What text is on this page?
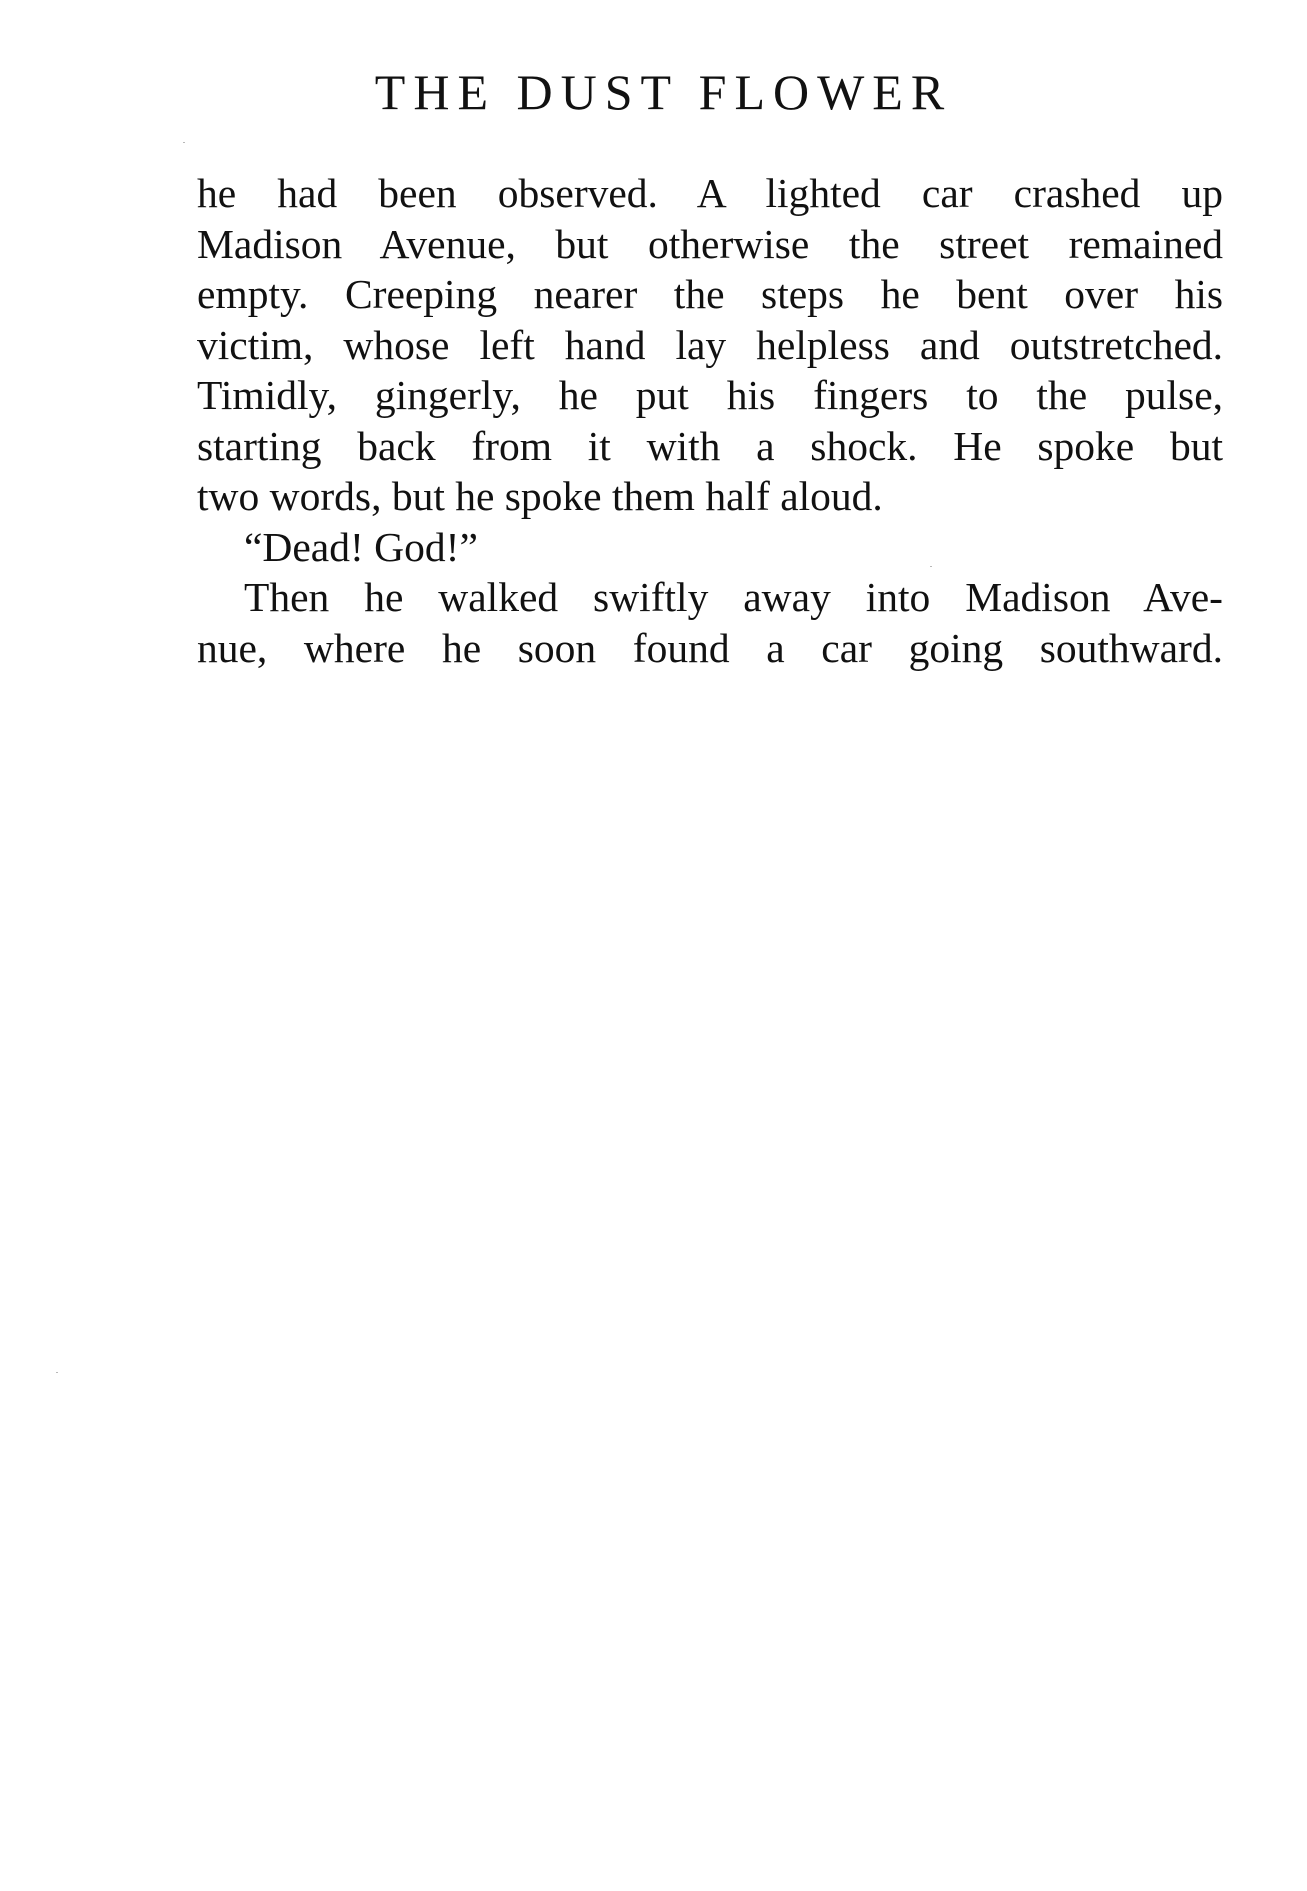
THE DUST FLOWER
he had been observed. A lighted car crashed up
Madison Avenue, but otherwise the street remained
empty. Creeping nearer the steps he bent over his
victim, whose left hand lay helpless and outstretched.
Timidly, gingerly, he put his fingers to the pulse,
starting back from it with a shock. He spoke but
two words, but he spoke them half aloud.
“Dead! God!”
Then he walked swiftly away into Madison Ave-
nue, where he soon found a car going southward.
